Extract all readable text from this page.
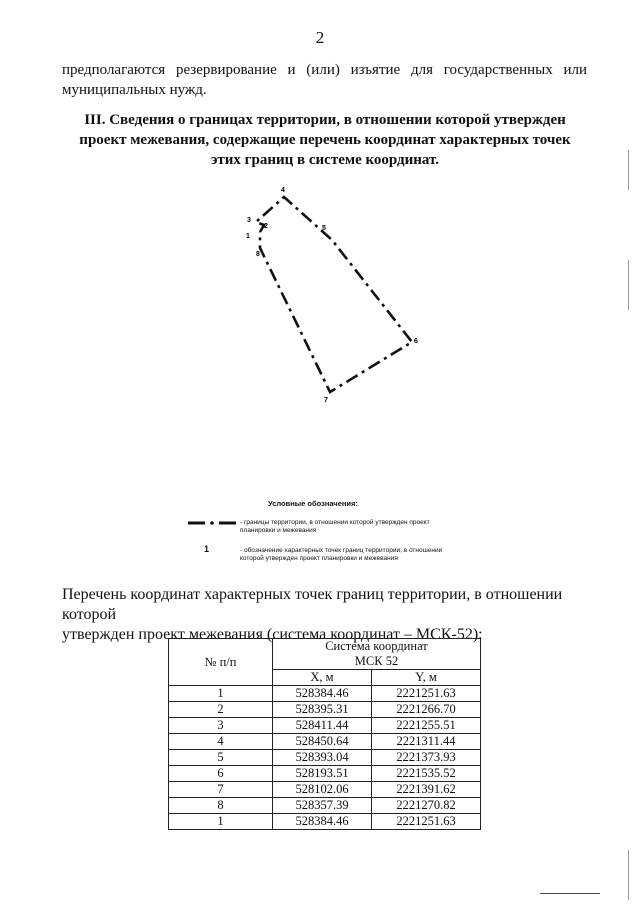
2
предполагаются резервирование и (или) изъятие для государственных или
муниципальных нужд.
III. Сведения о границах территории, в отношении которой утвержден
проект межевания, содержащие перечень координат характерных точек
этих границ в системе координат.
1
2
3
4
5
6
7
8
Условные обозначения:
- границы территории, в отношении которой утвержден проект планировки и межевания
1	- обозначение характерных точек границ территории, в отношении которой утвержден проект планировки и межевания
Перечень координат характерных точек границ территории, в отношении которой
утвержден проект межевания (система координат – МСК-52):
№ п/п	Система координат
МСК 52	

	X, м	Y, м
1	528384.46	2221251.63
2	528395.31	2221266.70
3	528411.44	2221255.51
4	528450.64	2221311.44
5	528393.04	2221373.93
6	528193.51	2221535.52
7	528102.06	2221391.62
8	528357.39	2221270.82
1	528384.46	2221251.63
